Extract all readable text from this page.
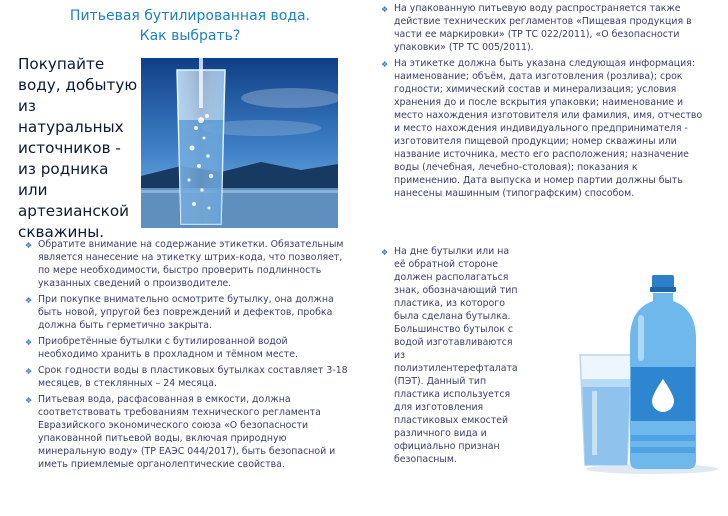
Питьевая бутилированная вода.
Как выбрать?
Покупайте воду, добытую из натуральных источников - из родника или артезианской скважины.
❖ Обратите внимание на содержание этикетки. Обязательным является нанесение на этикетку штрих-кода, что позволяет, по мере необходимости, быстро проверить подлинность указанных сведений о производителе.
❖ При покупке внимательно осмотрите бутылку, она должна быть новой, упругой без повреждений и дефектов, пробка должна быть герметично закрыта.
❖ Приобретённые бутылки с бутилированной водой необходимо хранить в прохладном и тёмном месте.
❖ Срок годности воды в пластиковых бутылках составляет 3-18 месяцев, в стеклянных – 24 месяца.
❖ Питьевая вода, расфасованная в емкости, должна соответствовать требованиям технического регламента Евразийского экономического союза «О безопасности упакованной питьевой воды, включая природную минеральную воду» (ТР ЕАЭС 044/2017), быть безопасной и иметь приемлемые органолептические свойства.
❖ На упакованную питьевую воду распространяется также действие технических регламентов «Пищевая продукция в части ее маркировки» (ТР ТС 022/2011), «О безопасности упаковки» (ТР ТС 005/2011).
❖ На этикетке должна быть указана следующая информация: наименование; объём, дата изготовления (розлива); срок годности; химический состав и минерализация; условия хранения до и после вскрытия упаковки; наименование и место нахождения изготовителя или фамилия, имя, отчество и место нахождения индивидуального предпринимателя - изготовителя пищевой продукции; номер скважины или название источника, место его расположения; назначение воды (лечебная, лечебно-столовая); показания к применению. Дата выпуска и номер партии должны быть нанесены машинным (типографским) способом.
❖ На дне бутылки или на её обратной стороне должен располагаться знак, обозначающий тип пластика, из которого была сделана бутылка. Большинство бутылок с водой изготавливаются из полиэтилентерефталата (ПЭТ). Данный тип пластика используется для изготовления пластиковых емкостей различного вида и официально признан безопасным.
